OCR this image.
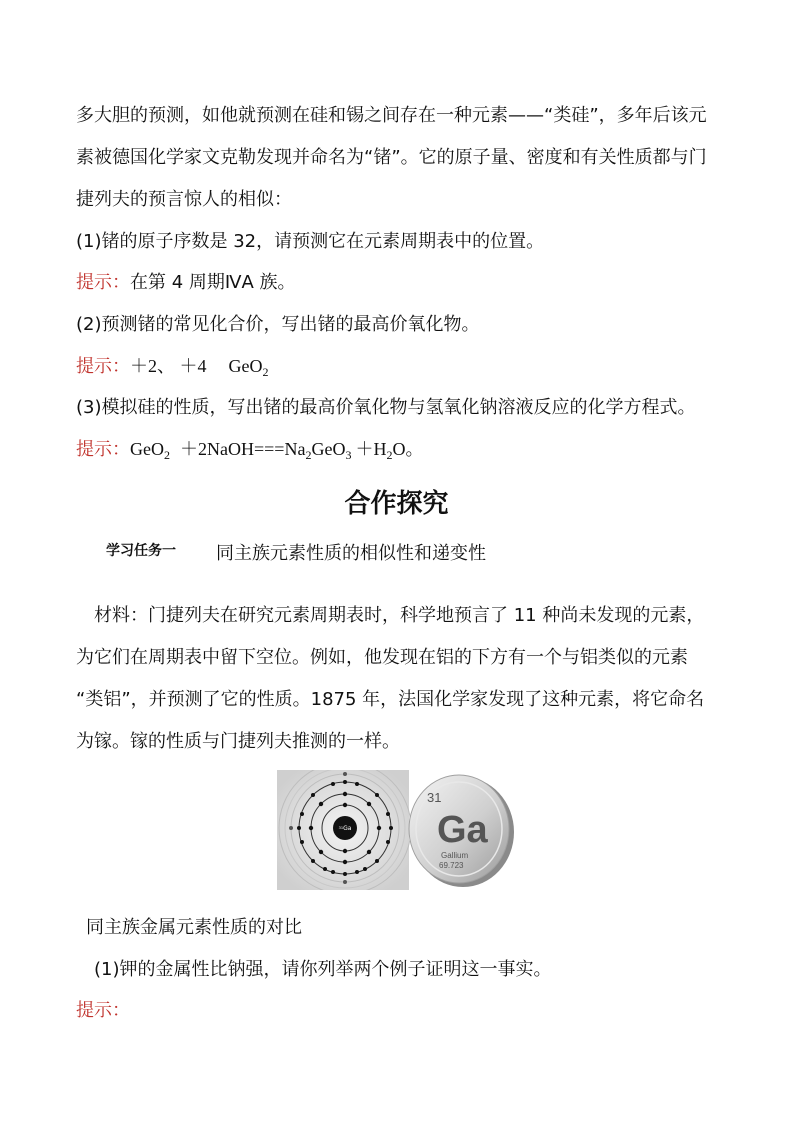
多大胆的预测，如他就预测在硅和锡之间存在一种元素——“类硅”，多年后该元
素被德国化学家文克勒发现并命名为“锗”。它的原子量、密度和有关性质都与门
捷列夫的预言惊人的相似：
(1)锗的原子序数是 32，请预测它在元素周期表中的位置。
提示：在第 4 周期ⅣA 族。
(2)预测锗的常见化合价，写出锗的最高价氧化物。
提示：＋2、 ＋4 GeO$_2$
(3)模拟硅的性质，写出锗的最高价氧化物与氢氧化钠溶液反应的化学方程式。
提示：$GeO_2 +2NaOH===Na_2GeO_3 +H_2O$。
合作探究
学习任务一 同主族元素性质的相似性和递变性
材料：门捷列夫在研究元素周期表时，科学地预言了 11 种尚未发现的元素，
为它们在周期表中留下空位。例如，他发现在铝的下方有一个与铝类似的元素
“类铝”，并预测了它的性质。1875 年，法国化学家发现了这种元素，将它命名
为镓。镓的性质与门捷列夫推测的一样。
31Ga
31
Ga
Gallium
69.723
同主族金属元素性质的对比
(1)钾的金属性比钠强，请你列举两个例子证明这一事实。
提示：
